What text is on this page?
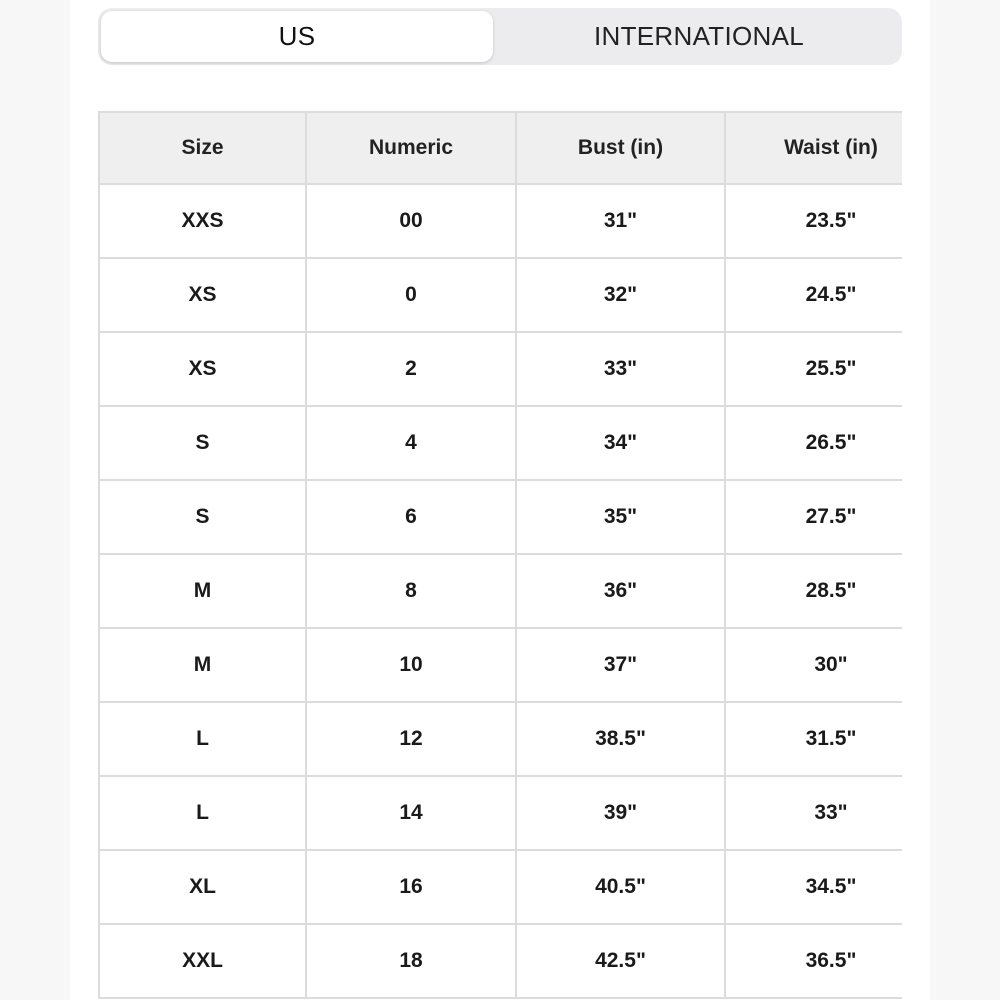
US	INTERNATIONAL
Size	Numeric	Bust (in)	Waist (in)
XXS	00	31"	23.5"
XS	0	32"	24.5"
XS	2	33"	25.5"
S	4	34"	26.5"
S	6	35"	27.5"
M	8	36"	28.5"
M	10	37"	30"
L	12	38.5"	31.5"
L	14	39"	33"
XL	16	40.5"	34.5"
XXL	18	42.5"	36.5"
